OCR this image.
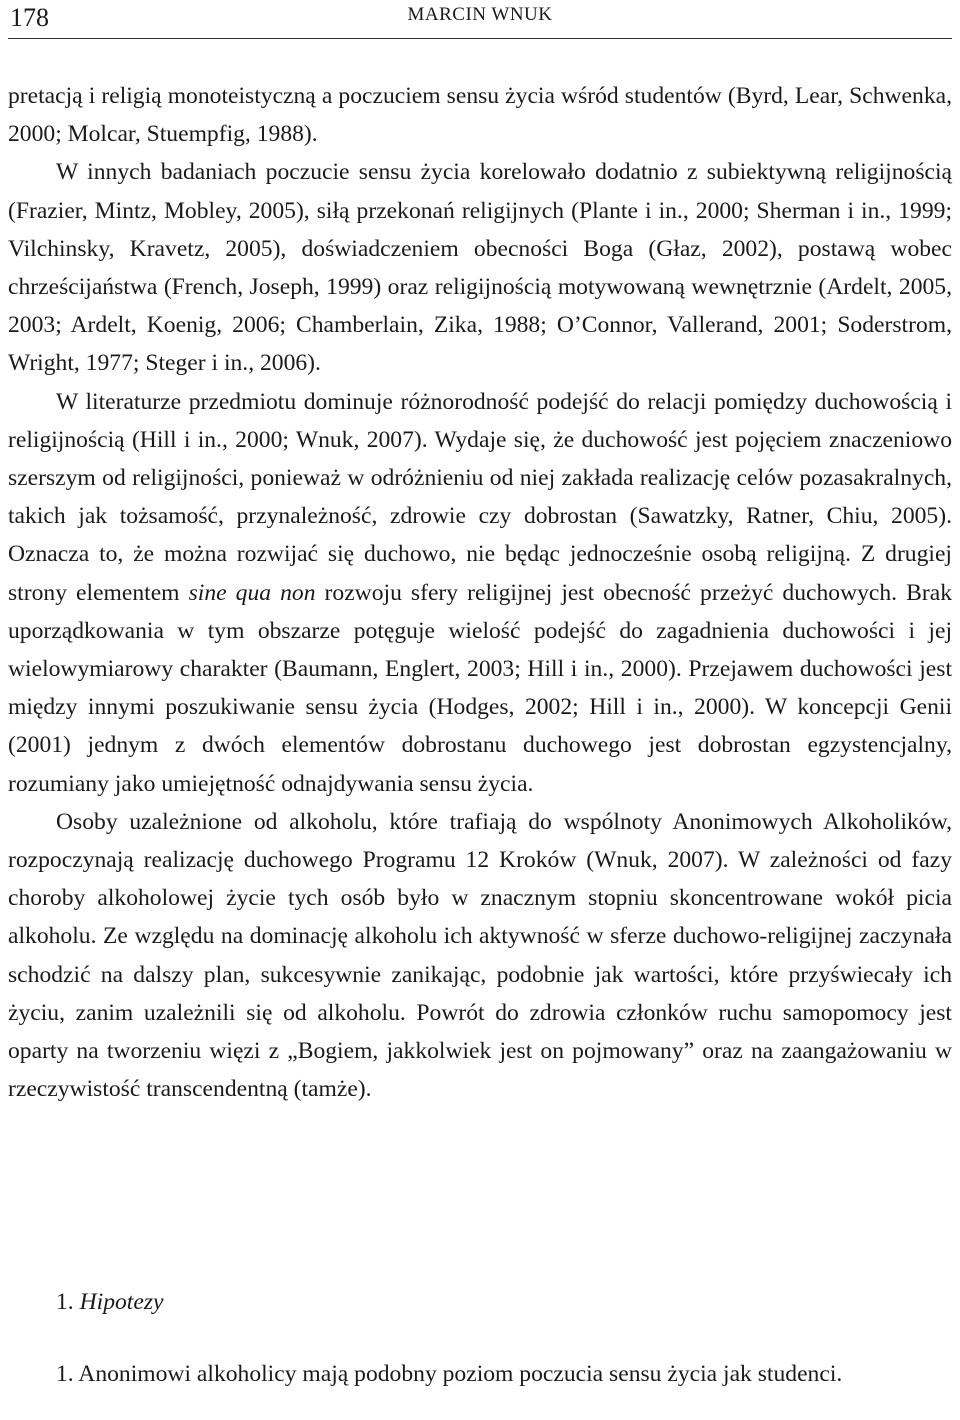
178	MARCIN WNUK

pretacją i religią monoteistyczną a poczuciem sensu życia wśród studentów (Byrd, Lear, Schwenka, 2000; Molcar, Stuempfig, 1988).

W innych badaniach poczucie sensu życia korelowało dodatnio z subiektywną religijnością (Frazier, Mintz, Mobley, 2005), siłą przekonań religijnych (Plante i in., 2000; Sherman i in., 1999; Vilchinsky, Kravetz, 2005), doświadczeniem obecności Boga (Głaz, 2002), postawą wobec chrześcijaństwa (French, Joseph, 1999) oraz religijnością motywowaną wewnętrznie (Ardelt, 2005, 2003; Ardelt, Koenig, 2006; Chamberlain, Zika, 1988; O’Connor, Vallerand, 2001; Soderstrom, Wright, 1977; Steger i in., 2006).

W literaturze przedmiotu dominuje różnorodność podejść do relacji pomiędzy duchowością i religijnością (Hill i in., 2000; Wnuk, 2007). Wydaje się, że duchowość jest pojęciem znaczeniowo szerszym od religijności, ponieważ w odróżnieniu od niej zakłada realizację celów pozasakralnych, takich jak tożsamość, przynależność, zdrowie czy dobrostan (Sawatzky, Ratner, Chiu, 2005). Oznacza to, że można rozwijać się duchowo, nie będąc jednocześnie osobą religijną. Z drugiej strony elementem sine qua non rozwoju sfery religijnej jest obecność przeżyć duchowych. Brak uporządkowania w tym obszarze potęguje wielość podejść do zagadnienia duchowości i jej wielowymiarowy charakter (Baumann, Englert, 2003; Hill i in., 2000). Przejawem duchowości jest między innymi poszukiwanie sensu życia (Hodges, 2002; Hill i in., 2000). W koncepcji Genii (2001) jednym z dwóch elementów dobrostanu duchowego jest dobrostan egzystencjalny, rozumiany jako umiejętność odnajdywania sensu życia.

Osoby uzależnione od alkoholu, które trafiają do wspólnoty Anonimowych Alkoholików, rozpoczynają realizację duchowego Programu 12 Kroków (Wnuk, 2007). W zależności od fazy choroby alkoholowej życie tych osób było w znacznym stopniu skoncentrowane wokół picia alkoholu. Ze względu na dominację alkoholu ich aktywność w sferze duchowo-religijnej zaczynała schodzić na dalszy plan, sukcesywnie zanikając, podobnie jak wartości, które przyświecały ich życiu, zanim uzależnili się od alkoholu. Powrót do zdrowia członków ruchu samopomocy jest oparty na tworzeniu więzi z „Bogiem, jakkolwiek jest on pojmowany” oraz na zaangażowaniu w rzeczywistość transcendentną (tamże).

1. Hipotezy
1. Anonimowi alkoholicy mają podobny poziom poczucia sensu życia jak studenci.
